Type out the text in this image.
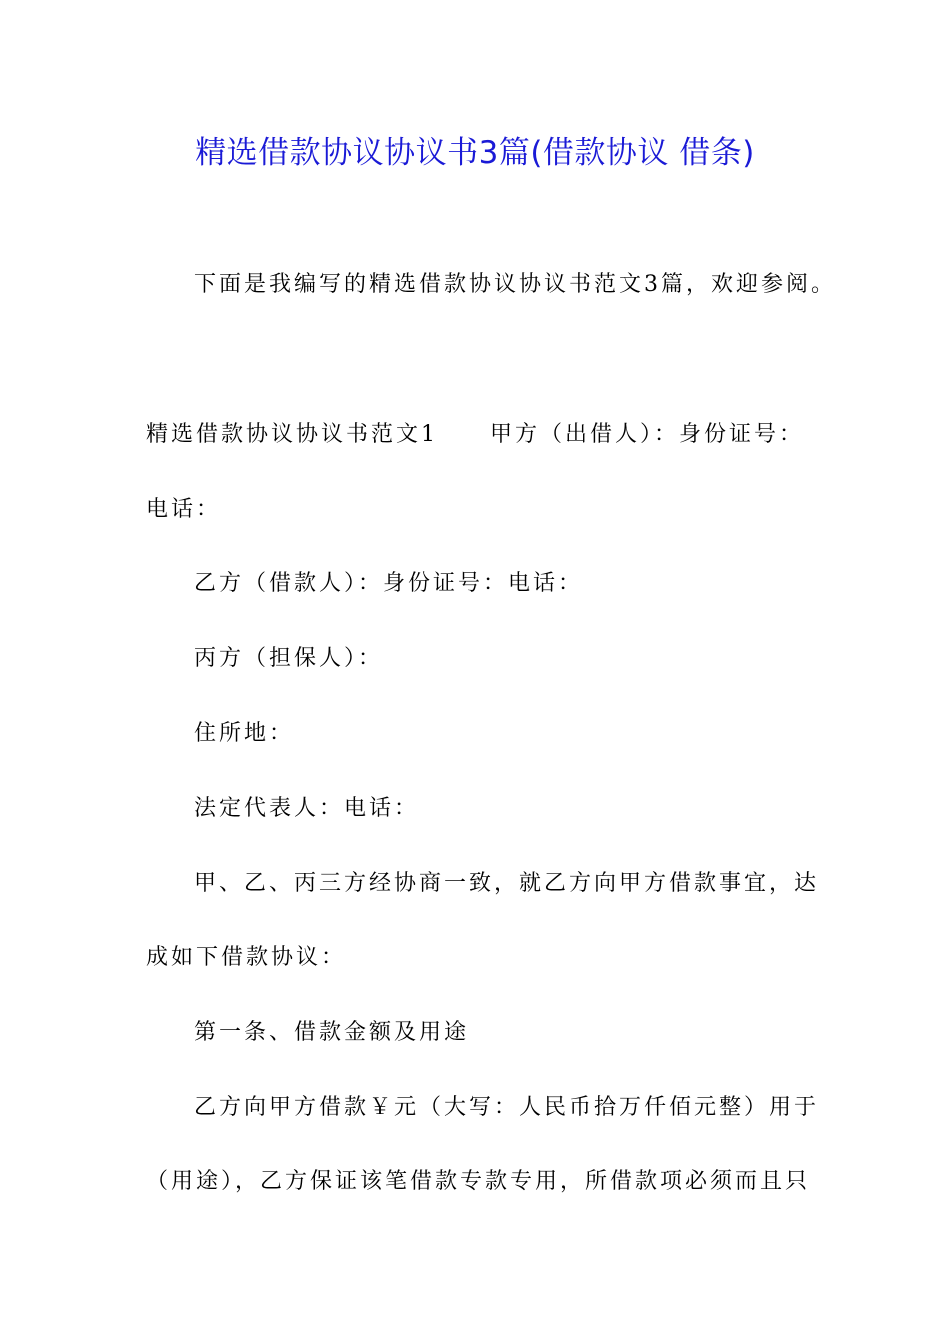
精选借款协议协议书3篇(借款协议 借条)
下面是我编写的精选借款协议协议书范文3篇，欢迎参阅。
精选借款协议协议书范文1 甲方（出借人）：身份证号：
电话：
乙方（借款人）：身份证号：电话：
丙方（担保人）：
住所地：
法定代表人：电话：
甲、乙、丙三方经协商一致，就乙方向甲方借款事宜，达
成如下借款协议：
第一条、借款金额及用途
乙方向甲方借款￥元（大写：人民币拾万仟佰元整）用于
（用途），乙方保证该笔借款专款专用，所借款项必须而且只
